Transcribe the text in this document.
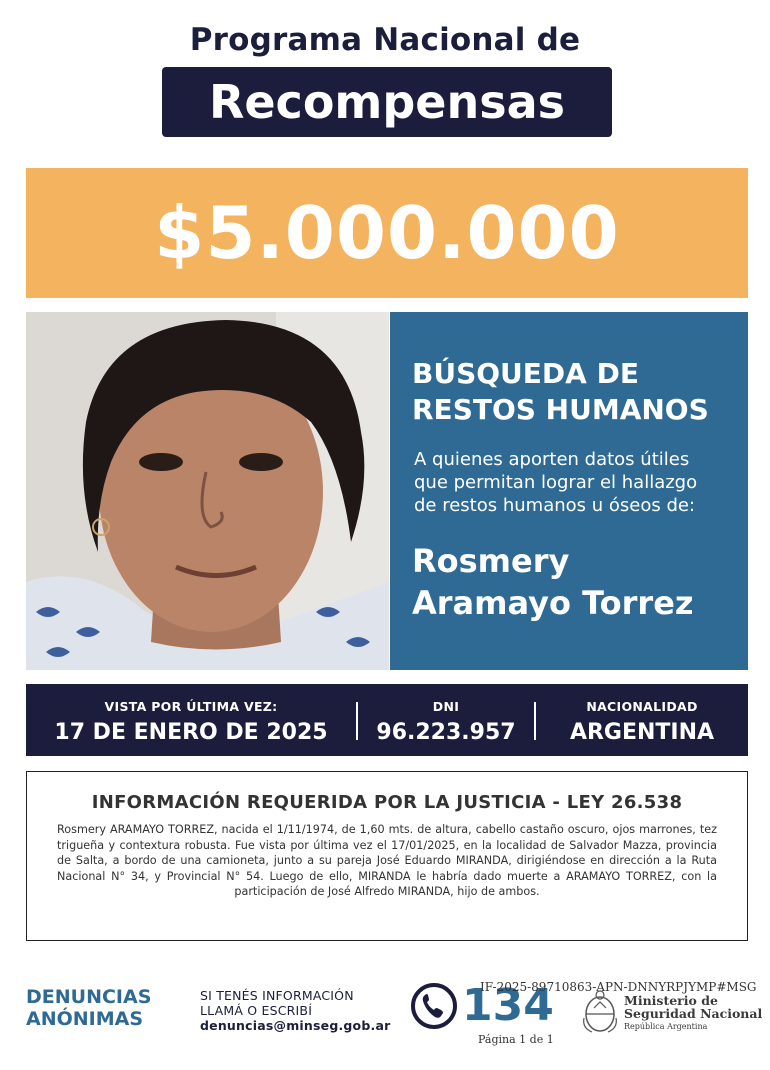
Programa Nacional de
Recompensas
$5.000.000
BÚSQUEDA DE
RESTOS HUMANOS
A quienes aporten datos útiles
que permitan lograr el hallazgo
de restos humanos u óseos de:
Rosmery
Aramayo Torrez
VISTA POR ÚLTIMA VEZ:
17 DE ENERO DE 2025
DNI
96.223.957
NACIONALIDAD
ARGENTINA
INFORMACIÓN REQUERIDA POR LA JUSTICIA - LEY 26.538
Rosmery ARAMAYO TORREZ, nacida el 1/11/1974, de 1,60 mts. de altura, cabello castaño oscuro, ojos marrones, tez trigueña y contextura robusta. Fue vista por última vez el 17/01/2025, en la localidad de Salvador Mazza, provincia de Salta, a bordo de una camioneta, junto a su pareja José Eduardo MIRANDA, dirigiéndose en dirección a la Ruta Nacional N° 34, y Provincial N° 54. Luego de ello, MIRANDA le habría dado muerte a ARAMAYO TORREZ, con la participación de José Alfredo MIRANDA, hijo de ambos.
DENUNCIAS
ANÓNIMAS
SI TENÉS INFORMACIÓN
LLAMÁ O ESCRIBÍ
denuncias@minseg.gob.ar	134
IF-2025-89710863-APN-DNNYRPJYMP#MSG
Página 1 de 1
Ministerio de
Seguridad Nacional
República Argentina
